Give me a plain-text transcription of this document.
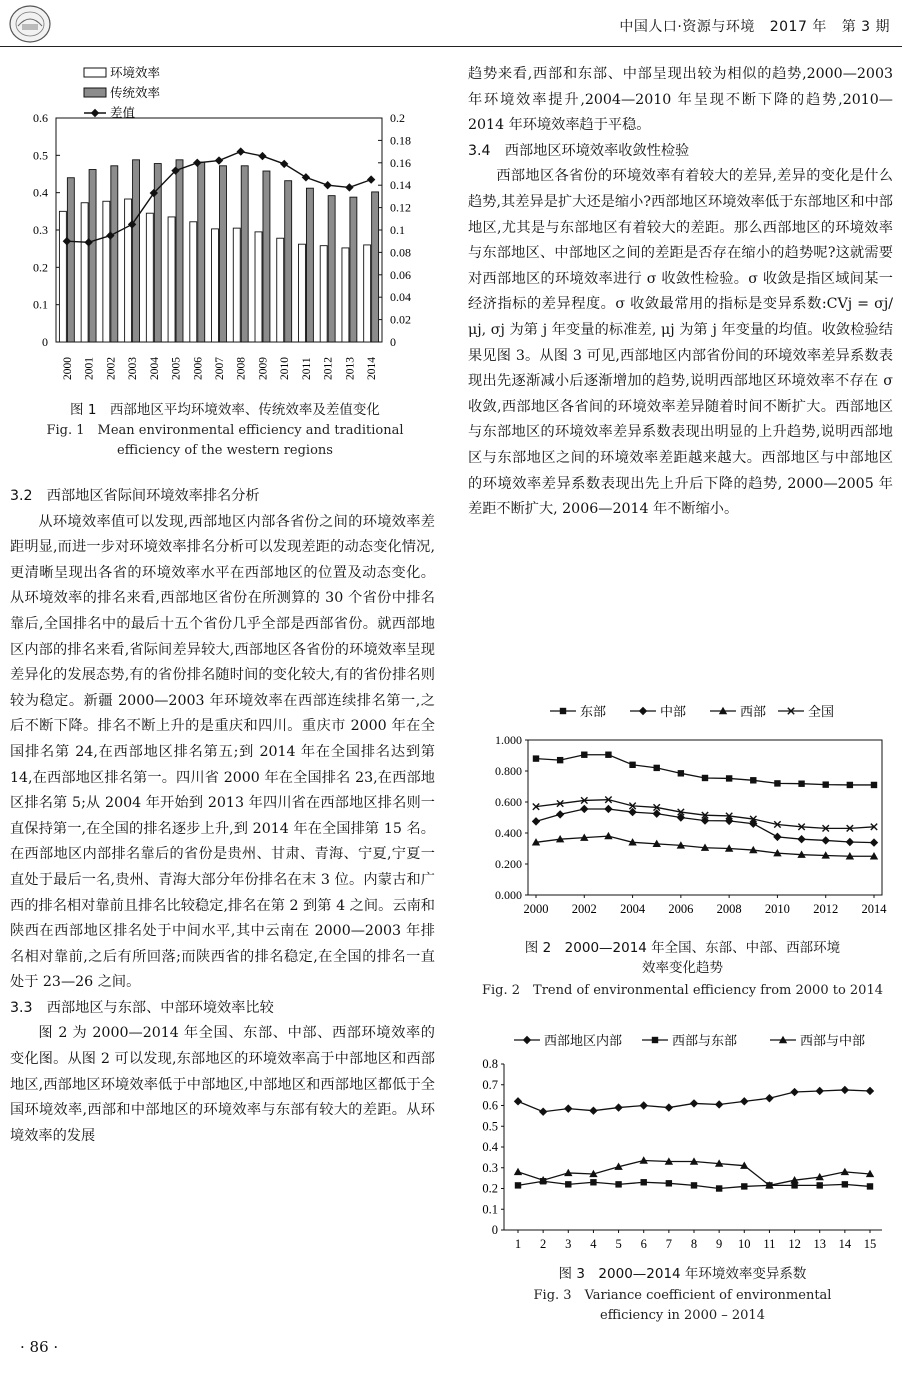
中国人口·资源与环境 2017 年 第 3 期
0
0.1
0.2
0.3
0.4
0.5
0.6
0
0.02
0.04
0.06
0.08
0.1
0.12
0.14
0.16
0.18
0.2
2000 2001 2002 2003 2004 2005 2006 2007 2008 2009 2010 2011 2012 2013 2014
环境效率
传统效率
差值
图 1　西部地区平均环境效率、传统效率及差值变化
Fig. 1　Mean environmental efficiency and traditional
efficiency of the western regions
3.2　西部地区省际间环境效率排名分析

从环境效率值可以发现,西部地区内部各省份之间的环境效率差距明显,而进一步对环境效率排名分析可以发现差距的动态变化情况,更清晰呈现出各省的环境效率水平在西部地区的位置及动态变化。从环境效率的排名来看,西部地区省份在所测算的 30 个省份中排名靠后,全国排名中的最后十五个省份几乎全部是西部省份。就西部地区内部的排名来看,省际间差异较大,西部地区各省份的环境效率呈现差异化的发展态势,有的省份排名随时间的变化较大,有的省份排名则较为稳定。新疆 2000—2003 年环境效率在西部连续排名第一,之后不断下降。排名不断上升的是重庆和四川。重庆市 2000 年在全国排名第 24,在西部地区排名第五;到 2014 年在全国排名达到第 14,在西部地区排名第一。四川省 2000 年在全国排名 23,在西部地区排名第 5;从 2004 年开始到 2013 年四川省在西部地区排名则一直保持第一,在全国的排名逐步上升,到 2014 年在全国排第 15 名。在西部地区内部排名靠后的省份是贵州、甘肃、青海、宁夏,宁夏一直处于最后一名,贵州、青海大部分年份排名在末 3 位。内蒙古和广西的排名相对靠前且排名比较稳定,排名在第 2 到第 4 之间。云南和陕西在西部地区排名处于中间水平,其中云南在 2000—2003 年排名相对靠前,之后有所回落;而陕西省的排名稳定,在全国的排名一直处于 23—26 之间。

3.3　西部地区与东部、中部环境效率比较

图 2 为 2000—2014 年全国、东部、中部、西部环境效率的变化图。从图 2 可以发现,东部地区的环境效率高于中部地区和西部地区,西部地区环境效率低于中部地区,中部地区和西部地区都低于全国环境效率,西部和中部地区的环境效率与东部有较大的差距。从环境效率的发展

· 86 ·

趋势来看,西部和东部、中部呈现出较为相似的趋势,2000—2003 年环境效率提升,2004—2010 年呈现不断下降的趋势,2010—2014 年环境效率趋于平稳。

3.4　西部地区环境效率收敛性检验

西部地区各省份的环境效率有着较大的差异,差异的变化是什么趋势,其差异是扩大还是缩小?西部地区环境效率低于东部地区和中部地区,尤其是与东部地区有着较大的差距。那么西部地区的环境效率与东部地区、中部地区之间的差距是否存在缩小的趋势呢?这就需要对西部地区的环境效率进行 σ 收敛性检验。σ 收敛是指区域间某一经济指标的差异程度。σ 收敛最常用的指标是变异系数:CVj = σj/μj, σj 为第 j 年变量的标准差, μj 为第 j 年变量的均值。收敛检验结果见图 3。从图 3 可见,西部地区内部省份间的环境效率差异系数表现出先逐渐减小后逐渐增加的趋势,说明西部地区环境效率不存在 σ 收敛,西部地区各省间的环境效率差异随着时间不断扩大。西部地区与东部地区的环境效率差异系数表现出明显的上升趋势,说明西部地区与东部地区之间的环境效率差距越来越大。西部地区与中部地区的环境效率差异系数表现出先上升后下降的趋势, 2000—2005 年差距不断扩大, 2006—2014 年不断缩小。

0.000
0.200
0.400
0.600
0.800
1.000
2000 2002 2004 2006 2008 2010 2012 2014
东部	中部	西部	全国
图 2　2000—2014 年全国、东部、中部、西部环境
效率变化趋势
Fig. 2　Trend of environmental efficiency from 2000 to 2014
0
0.1
0.2
0.3
0.4
0.5
0.6
0.7
0.8
1 2 3 4 5 6 7 8 9 10 11 12 13 14 15
西部地区内部	西部与东部	西部与中部
图 3　2000—2014 年环境效率变异系数
Fig. 3　Variance coefficient of environmental
efficiency in 2000 – 2014
